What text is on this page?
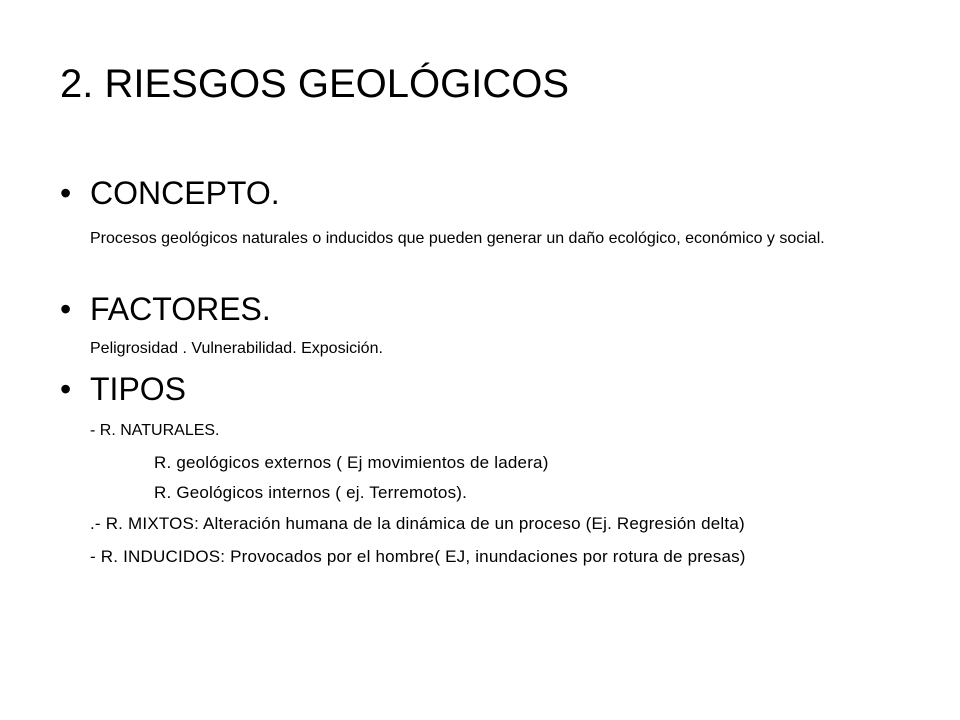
2. RIESGOS GEOLÓGICOS
• CONCEPTO.
Procesos geológicos naturales o inducidos que pueden generar un daño ecológico, económico y social.
• FACTORES.
Peligrosidad . Vulnerabilidad. Exposición.
• TIPOS
- R. NATURALES.
R. geológicos externos ( Ej movimientos de ladera)
R. Geológicos internos ( ej. Terremotos).
.- R. MIXTOS: Alteración humana de la dinámica de un proceso (Ej. Regresión delta)
- R. INDUCIDOS: Provocados por el hombre( EJ, inundaciones por rotura de presas)
